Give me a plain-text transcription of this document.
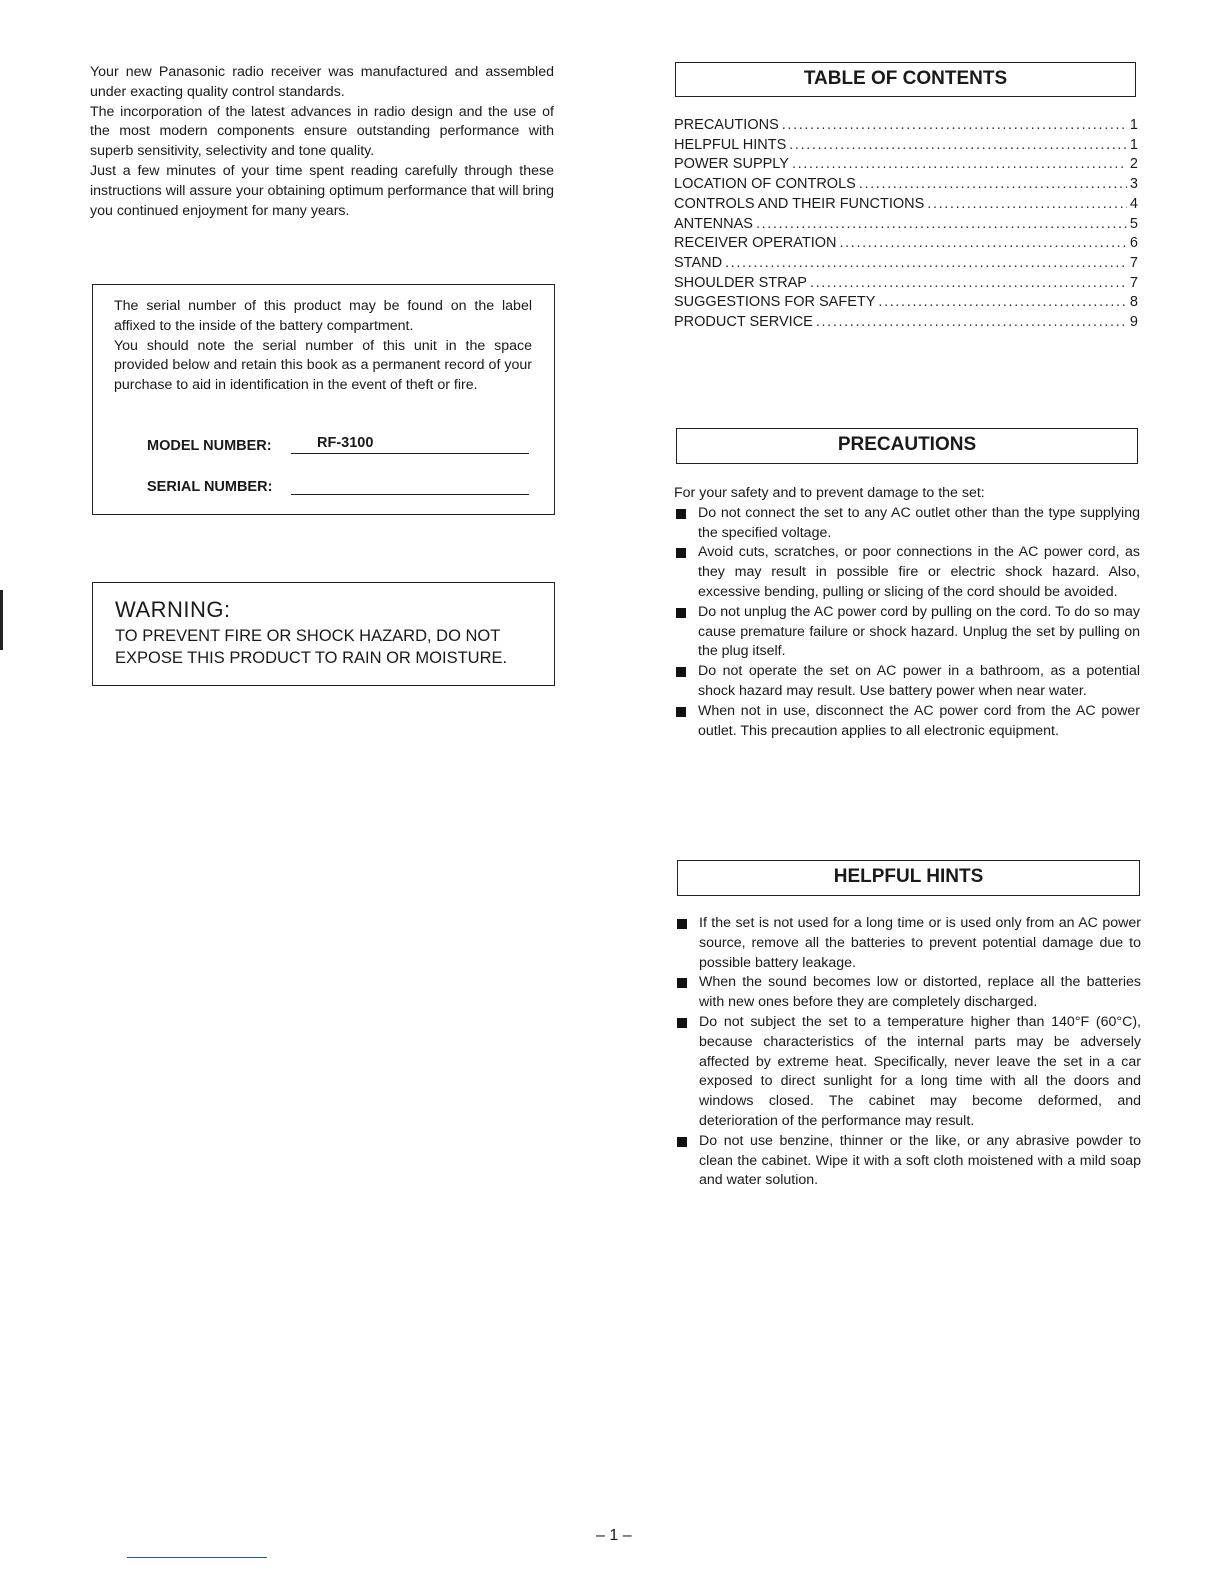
Your new Panasonic radio receiver was manufactured and assembled under exacting quality control standards.

The incorporation of the latest advances in radio design and the use of the most modern components ensure outstanding performance with superb sensitivity, selectivity and tone quality.

Just a few minutes of your time spent reading carefully through these instructions will assure your obtaining optimum performance that will bring you continued enjoyment for many years.

The serial number of this product may be found on the label affixed to the inside of the battery compartment.

You should note the serial number of this unit in the space provided below and retain this book as a permanent record of your purchase to aid in identification in the event of theft or fire.

MODEL NUMBER:	RF-3100
SERIAL NUMBER:

WARNING:

TO PREVENT FIRE OR SHOCK HAZARD, DO NOT EXPOSE THIS PRODUCT TO RAIN OR MOISTURE.

TABLE OF CONTENTS
PRECAUTIONS . . .	1
HELPFUL HINTS . . .	1
POWER SUPPLY . . .	2
LOCATION OF CONTROLS . . .	3
CONTROLS AND THEIR FUNCTIONS . . .	4
ANTENNAS . . .	5
RECEIVER OPERATION . . .	6
STAND . . .	7
SHOULDER STRAP . . .	7
SUGGESTIONS FOR SAFETY . . .	8
PRODUCT SERVICE . . .	9
PRECAUTIONS

For your safety and to prevent damage to the set:

Do not connect the set to any AC outlet other than the type supplying the specified voltage.
Avoid cuts, scratches, or poor connections in the AC power cord, as they may result in possible fire or electric shock hazard. Also, excessive bending, pulling or slicing of the cord should be avoided.
Do not unplug the AC power cord by pulling on the cord. To do so may cause premature failure or shock hazard. Unplug the set by pulling on the plug itself.
Do not operate the set on AC power in a bathroom, as a potential shock hazard may result. Use battery power when near water.
When not in use, disconnect the AC power cord from the AC power outlet. This precaution applies to all electronic equipment.
HELPFUL HINTS
If the set is not used for a long time or is used only from an AC power source, remove all the batteries to prevent potential damage due to possible battery leakage.
When the sound becomes low or distorted, replace all the batteries with new ones before they are completely discharged.
Do not subject the set to a temperature higher than 140°F (60°C), because characteristics of the internal parts may be adversely affected by extreme heat. Specifically, never leave the set in a car exposed to direct sunlight for a long time with all the doors and windows closed. The cabinet may become deformed, and deterioration of the performance may result.
Do not use benzine, thinner or the like, or any abrasive powder to clean the cabinet. Wipe it with a soft cloth moistened with a mild soap and water solution.
– 1 –
